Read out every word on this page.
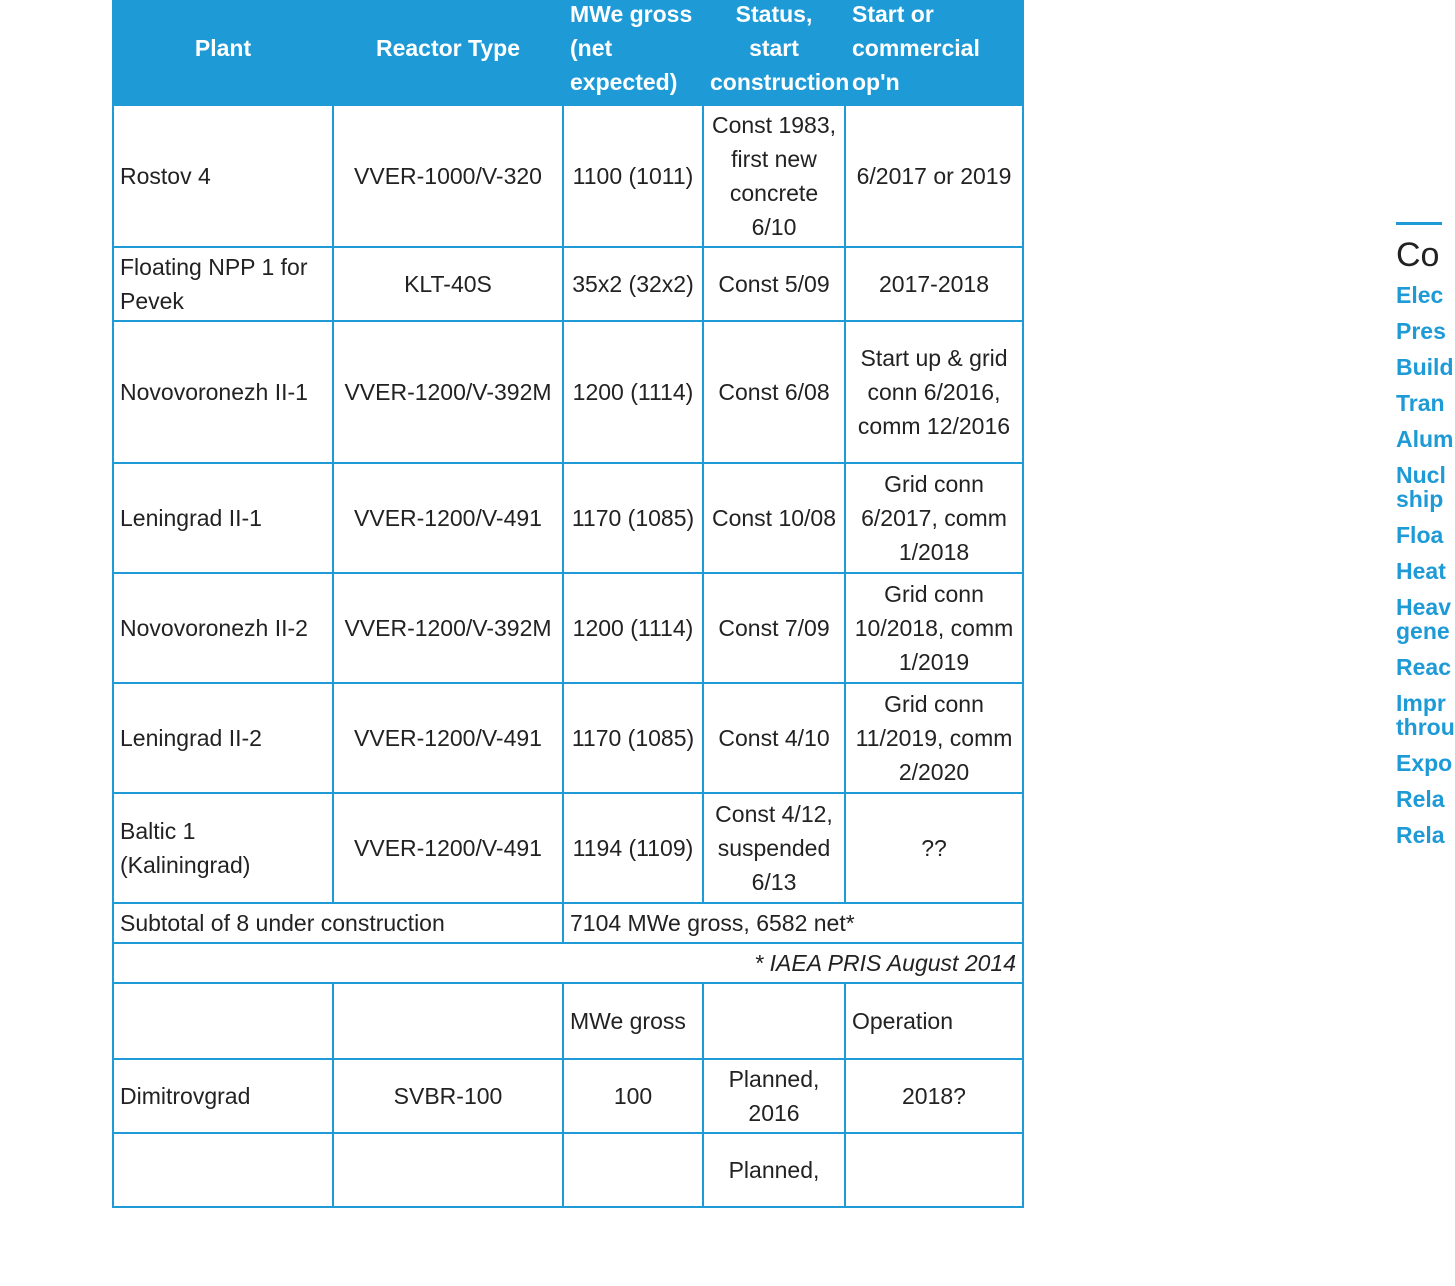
Plant	Reactor Type	MWe gross (net expected)	Status, start construction	Start or commercial op'n
Rostov 4	VVER-1000/V-320	1100 (1011)	Const 1983, first new concrete 6/10	6/2017 or 2019
Floating NPP 1 for Pevek	KLT-40S	35x2 (32x2)	Const 5/09	2017-2018
Novovoronezh II-1	VVER-1200/V-392M	1200 (1114)	Const 6/08	Start up & grid conn 6/2016, comm 12/2016
Leningrad II-1	VVER-1200/V-491	1170 (1085)	Const 10/08	Grid conn 6/2017, comm 1/2018
Novovoronezh II-2	VVER-1200/V-392M	1200 (1114)	Const 7/09	Grid conn 10/2018, comm 1/2019
Leningrad II-2	VVER-1200/V-491	1170 (1085)	Const 4/10	Grid conn 11/2019, comm 2/2020
Baltic 1 (Kaliningrad)	VVER-1200/V-491	1194 (1109)	Const 4/12, suspended 6/13	??
Subtotal of 8 under construction		7104 MWe gross, 6582 net*		
* IAEA PRIS August 2014				
		MWe gross		Operation
Dimitrovgrad	SVBR-100	100	Planned, 2016	2018?
			Planned,	
Co
Elec
Pres
Build
Tran
Alum
Nucl ship
Floa
Heat
Heav gene
Reac
Impr throu
Expo
Rela
Rela
